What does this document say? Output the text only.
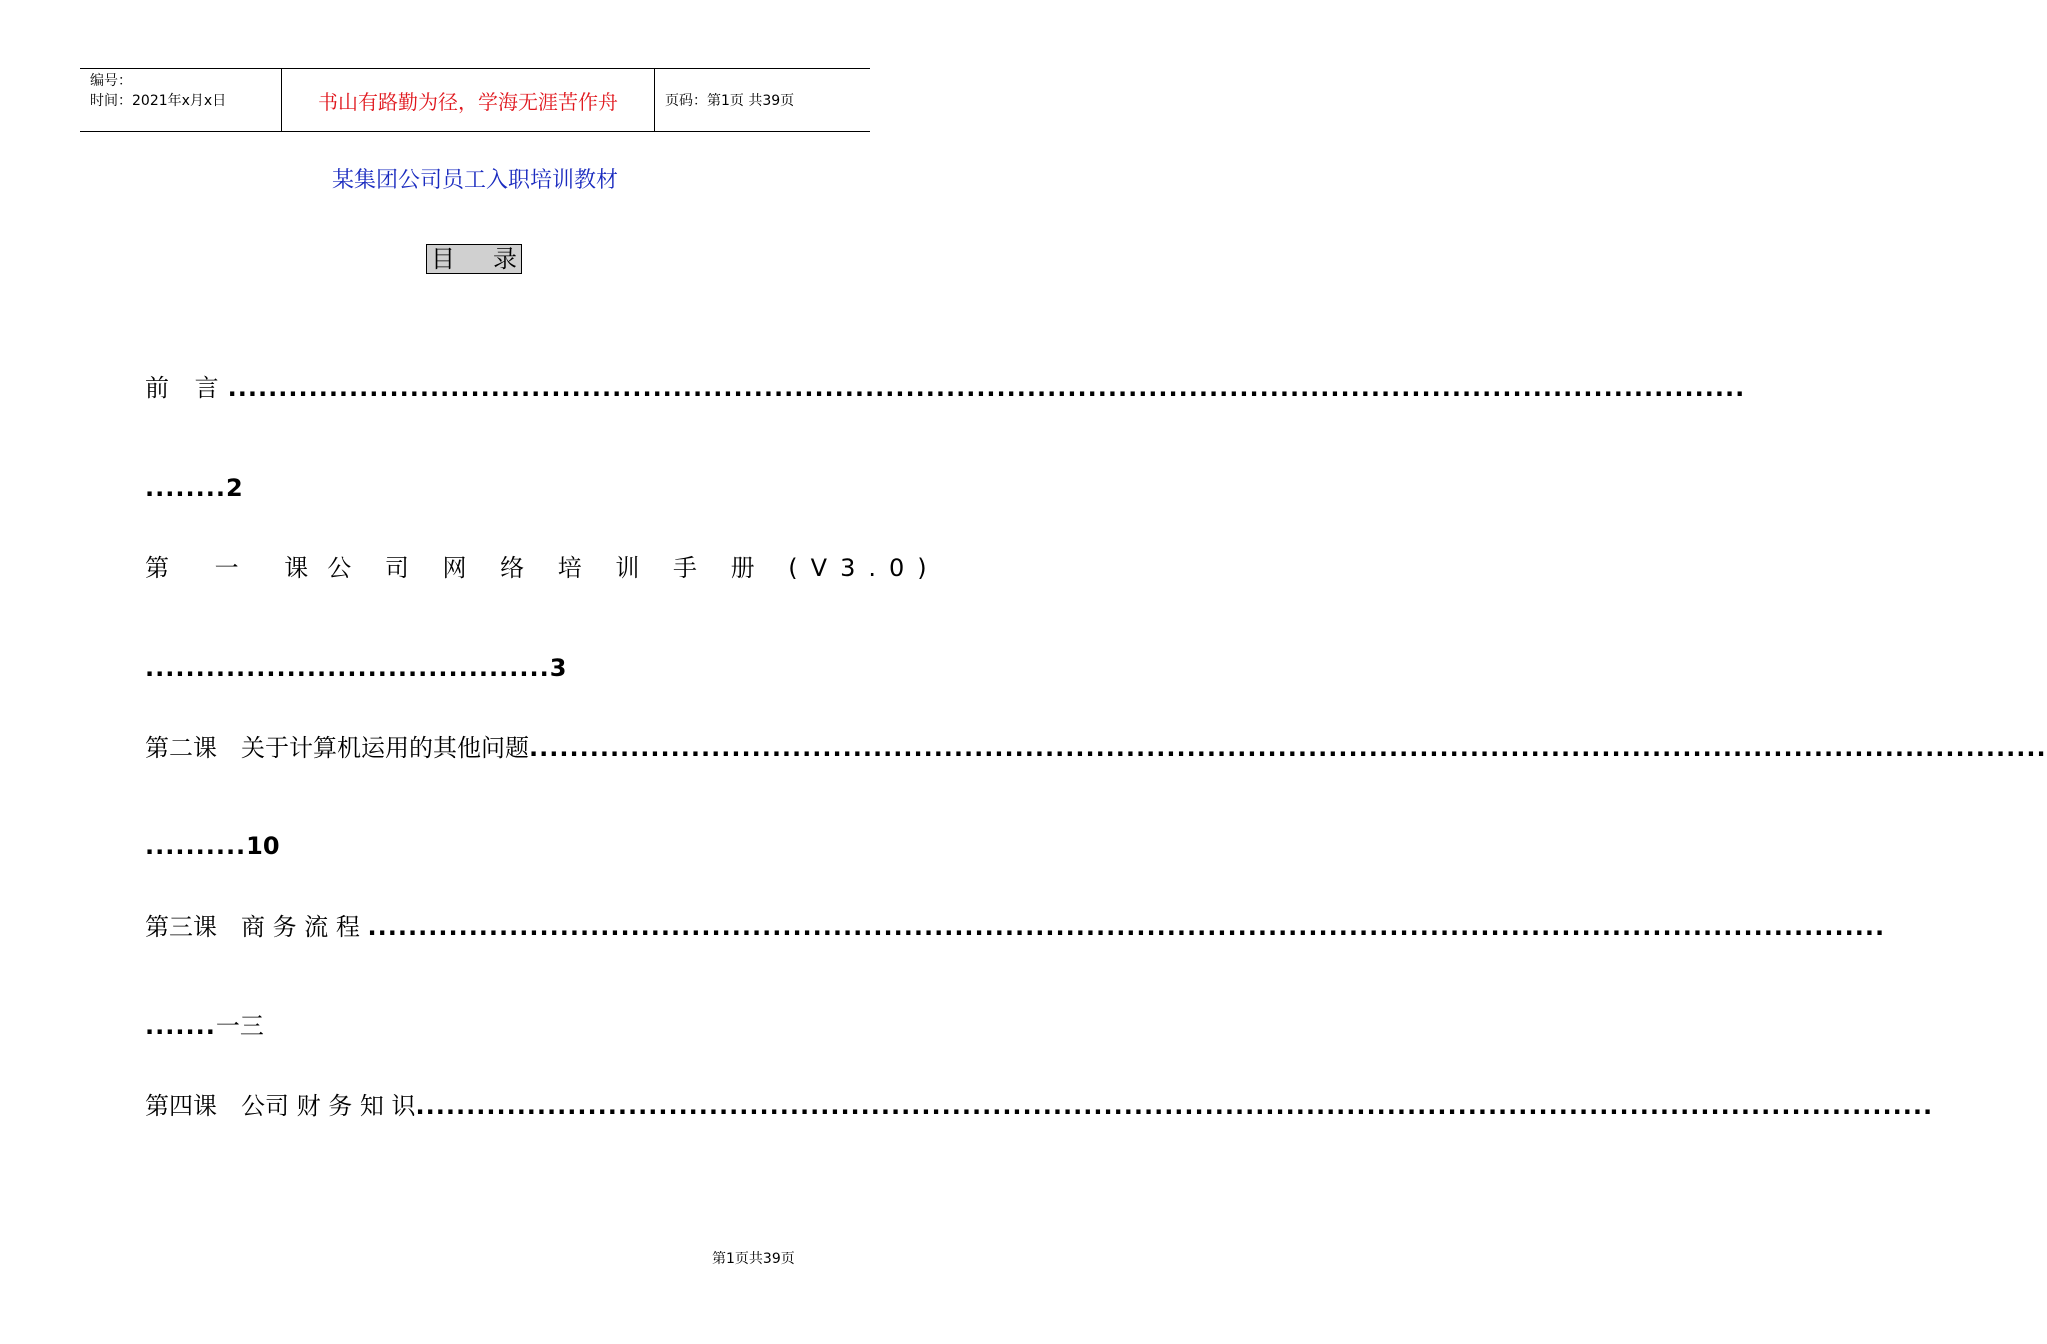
编号：
时间：2021年x月x日	书山有路勤为径，学海无涯苦作舟	页码：第1页 共39页
某集团公司员工入职培训教材
目 录
前 言
.....
........2
第 一 课 公 司 网 络 培 训 手 册 (V3.0)
........................................3
第二课　关于计算机运用的其他问题
.....
..........10
第三课　商 务 流 程
.....
.......一三
第四课　公司 财 务 知 识
.....
第1页共39页
